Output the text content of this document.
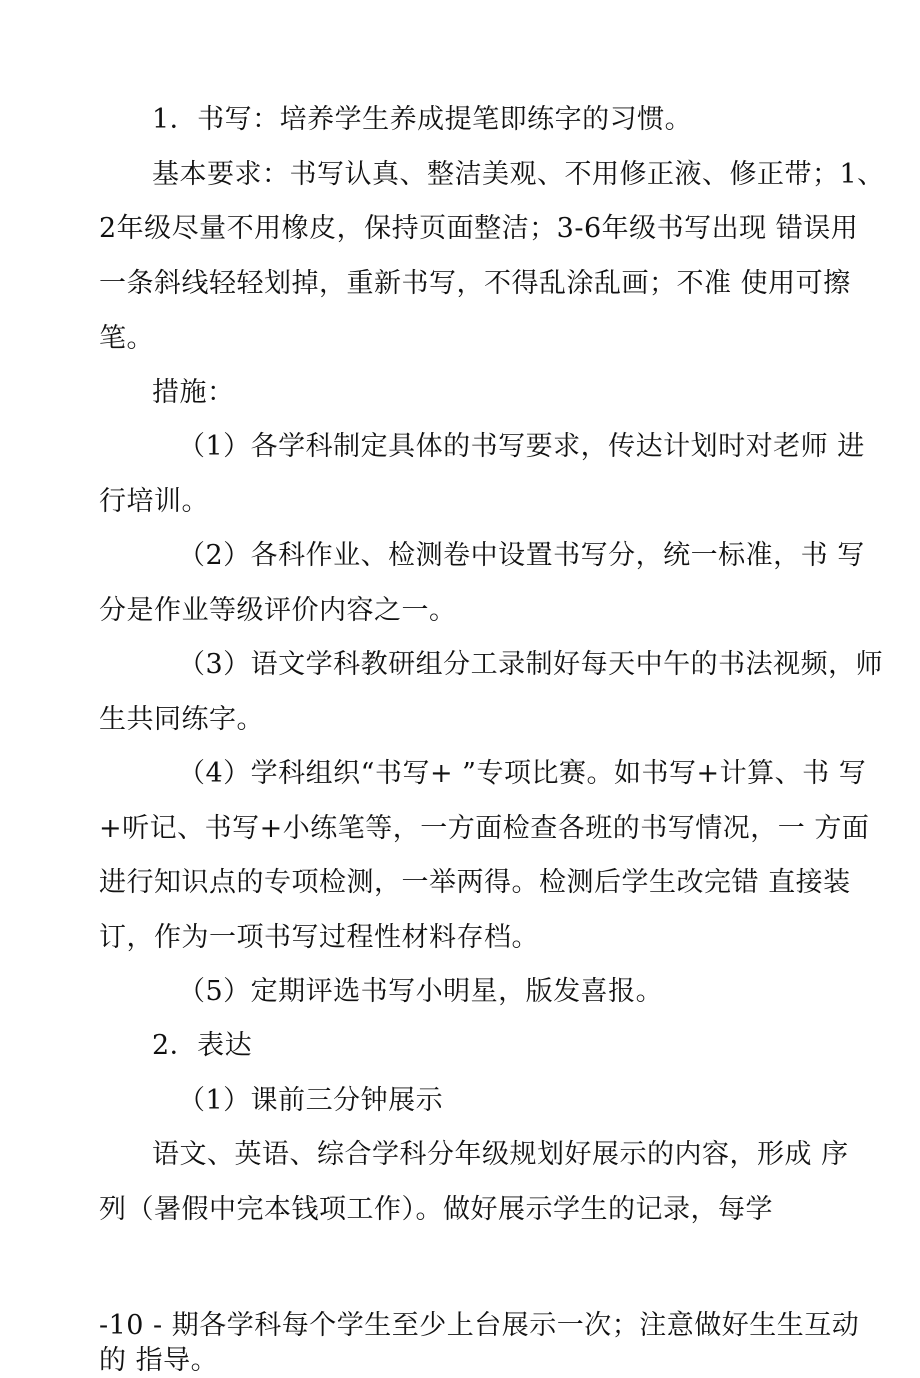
1．书写：培养学生养成提笔即练字的习惯。
基本要求：书写认真、整洁美观、不用修正液、修正带；1、
2年级尽量不用橡皮，保持页面整洁；3-6年级书写出现 错误用
一条斜线轻轻划掉，重新书写，不得乱涂乱画；不准 使用可擦
笔。
措施：
（1）各学科制定具体的书写要求，传达计划时对老师 进
行培训。
（2）各科作业、检测卷中设置书写分，统一标准，书 写
分是作业等级评价内容之一。
（3）语文学科教研组分工录制好每天中午的书法视频，师
生共同练字。
（4）学科组织“书写+ ”专项比赛。如书写+计算、书 写
+听记、书写+小练笔等，一方面检查各班的书写情况，一 方面
进行知识点的专项检测，一举两得。检测后学生改完错 直接装
订，作为一项书写过程性材料存档。
（5）定期评选书写小明星，版发喜报。
2．表达
（1）课前三分钟展示
语文、英语、综合学科分年级规划好展示的内容，形成 序
列（暑假中完本钱项工作）。做好展示学生的记录，每学
-10 - 期各学科每个学生至少上台展示一次；注意做好生生互动
的 指导。
